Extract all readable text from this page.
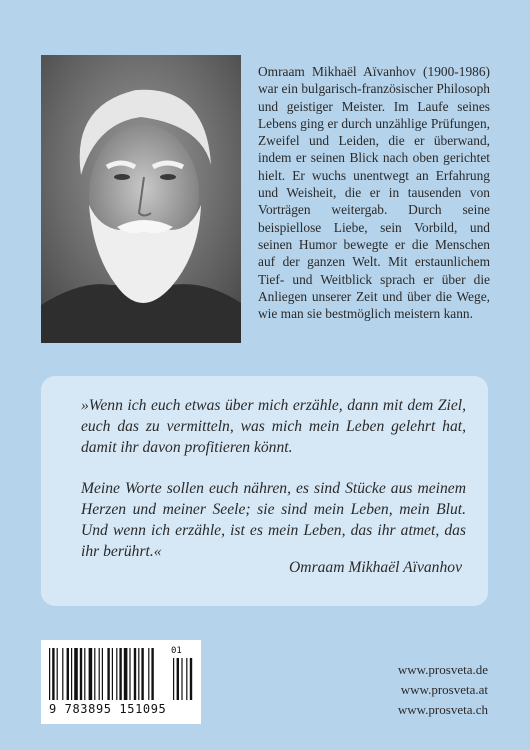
Omraam Mikhaël Aïvanhov (1900-1986) war ein bulgarisch-französischer Philosoph und geistiger Meister. Im Laufe seines Lebens ging er durch unzählige Prüfungen, Zweifel und Leiden, die er überwand, indem er seinen Blick nach oben gerichtet hielt. Er wuchs unentwegt an Erfahrung und Weisheit, die er in tausenden von Vorträgen weitergab. Durch seine beispiellose Liebe, sein Vorbild, und seinen Humor bewegte er die Menschen auf der ganzen Welt. Mit erstaunlichem Tief- und Weitblick sprach er über die Anliegen unserer Zeit und über die Wege, wie man sie bestmöglich meistern kann.

»Wenn ich euch etwas über mich erzähle, dann mit dem Ziel, euch das zu vermitteln, was mich mein Leben gelehrt hat, damit ihr davon profitieren könnt.

Meine Worte sollen euch nähren, es sind Stücke aus meinem Herzen und meiner Seele; sie sind mein Leben, mein Blut. Und wenn ich erzähle, ist es mein Leben, das ihr atmet, das ihr berührt.«

Omraam Mikhaël Aïvanhov
01
9 783895 151095
www.prosveta.de
www.prosveta.at
www.prosveta.ch
